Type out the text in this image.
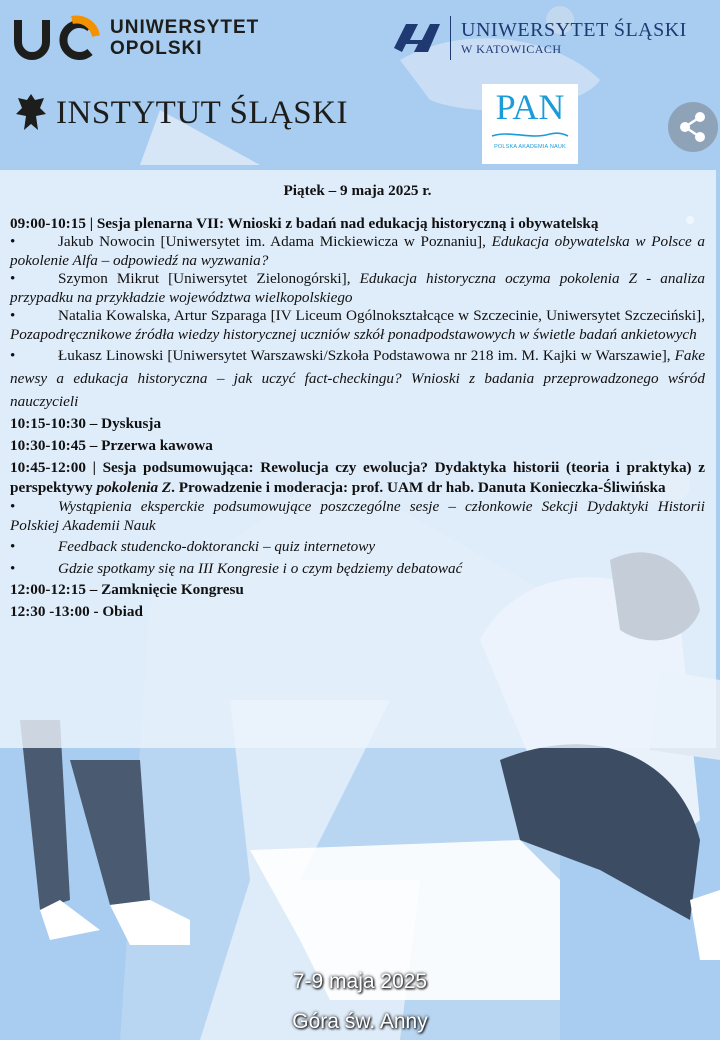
UNIWERSYTET
OPOLSKI
UNIWERSYTET ŚLĄSKI
W KATOWICACH
INSTYTUT ŚLĄSKI	PAN
POLSKA AKADEMIA NAUK

Piątek – 9 maja 2025 r.

09:00-10:15 | Sesja plenarna VII: Wnioski z badań nad edukacją historyczną i obywatelską

•	Jakub Nowocin [Uniwersytet im. Adama Mickiewicza w Poznaniu], Edukacja obywatelska w Polsce a pokolenie Alfa – odpowiedź na wyzwania?

•	Szymon Mikrut [Uniwersytet Zielonogórski], Edukacja historyczna oczyma pokolenia Z - analiza przypadku na przykładzie województwa wielkopolskiego

•	Natalia Kowalska, Artur Szparaga [IV Liceum Ogólnokształcące w Szczecinie, Uniwersytet Szczeciński], Pozapodręcznikowe źródła wiedzy historycznej uczniów szkół ponadpodstawowych w świetle badań ankietowych

•	Łukasz Linowski [Uniwersytet Warszawski/Szkoła Podstawowa nr 218 im. M. Kajki w Warszawie], Fake newsy a edukacja historyczna – jak uczyć fact-checkingu? Wnioski z badania przeprowadzonego wśród nauczycieli

10:15-10:30 – Dyskusja

10:30-10:45 – Przerwa kawowa

10:45-12:00 | Sesja podsumowująca: Rewolucja czy ewolucja? Dydaktyka historii (teoria i praktyka) z perspektywy pokolenia Z. Prowadzenie i moderacja: prof. UAM dr hab. Danuta Konieczka-Śliwińska

•	Wystąpienia eksperckie podsumowujące poszczególne sesje – członkowie Sekcji Dydaktyki Historii Polskiej Akademii Nauk

•	Feedback studencko-doktorancki – quiz internetowy

•	Gdzie spotkamy się na III Kongresie i o czym będziemy debatować

12:00-12:15 – Zamknięcie Kongresu

12:30 -13:00 - Obiad

7-9 maja 2025
Góra św. Anny
